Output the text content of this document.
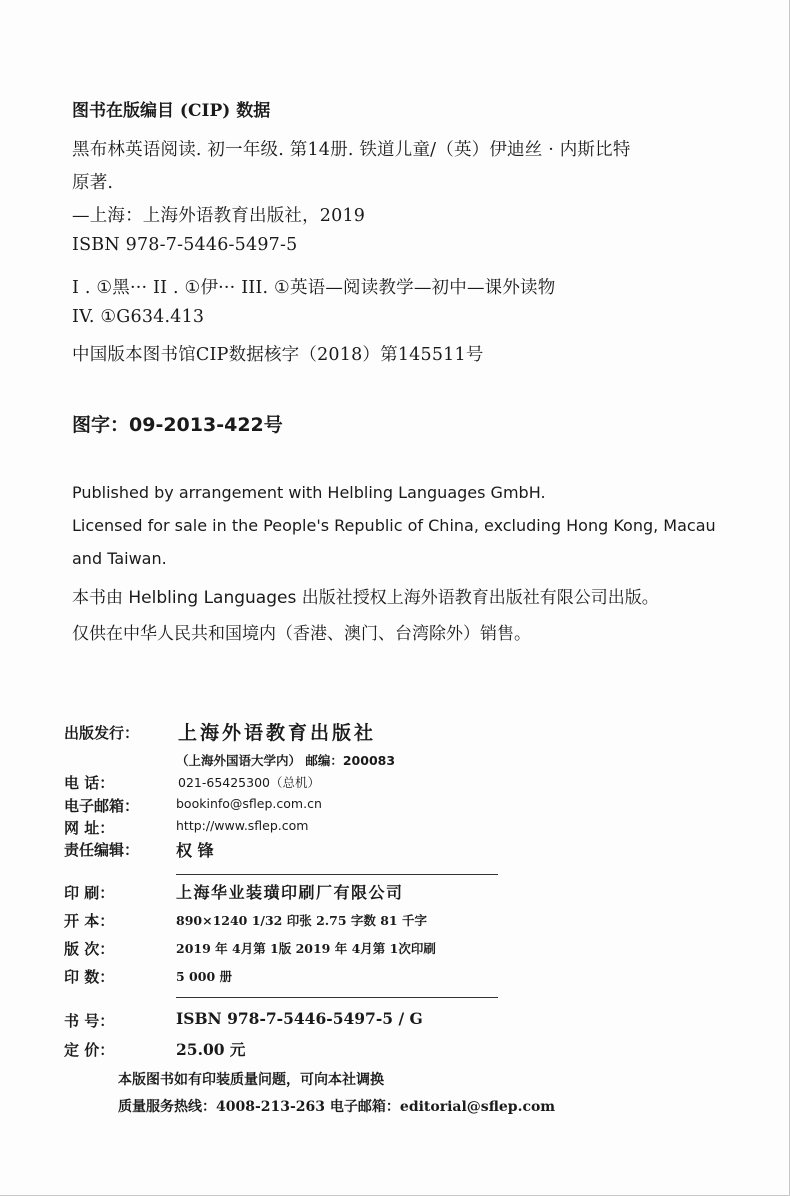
图书在版编目 (CIP) 数据
黑布林英语阅读. 初一年级. 第14册. 铁道儿童/（英）伊迪丝 · 内斯比特
原著.
—上海：上海外语教育出版社，2019
ISBN 978-7-5446-5497-5
I . ①黑··· II . ①伊··· III. ①英语—阅读教学—初中—课外读物
IV. ①G634.413
中国版本图书馆CIP数据核字（2018）第145511号
图字：09-2013-422号
Published by arrangement with Helbling Languages GmbH.
Licensed for sale in the People's Republic of China, excluding Hong Kong, Macau
and Taiwan.
本书由 Helbling Languages 出版社授权上海外语教育出版社有限公司出版。
仅供在中华人民共和国境内（香港、澳门、台湾除外）销售。
出版发行： 上海外语教育出版社
（上海外国语大学内） 邮编：200083
电 话：	021-65425300（总机）
电子邮箱：	bookinfo@sflep.com.cn
网 址：	http://www.sflep.com
责任编辑： 权 锋
印 刷：	上海华业装璜印刷厂有限公司
开 本：	890×1240 1/32 印张 2.75 字数 81 千字
版 次：	2019 年 4月第 1版 2019 年 4月第 1次印刷
印 数：	5 000 册
书 号：	ISBN 978-7-5446-5497-5 / G
定 价：	25.00 元
本版图书如有印装质量问题，可向本社调换
质量服务热线：4008-213-263 电子邮箱：editorial@sflep.com
